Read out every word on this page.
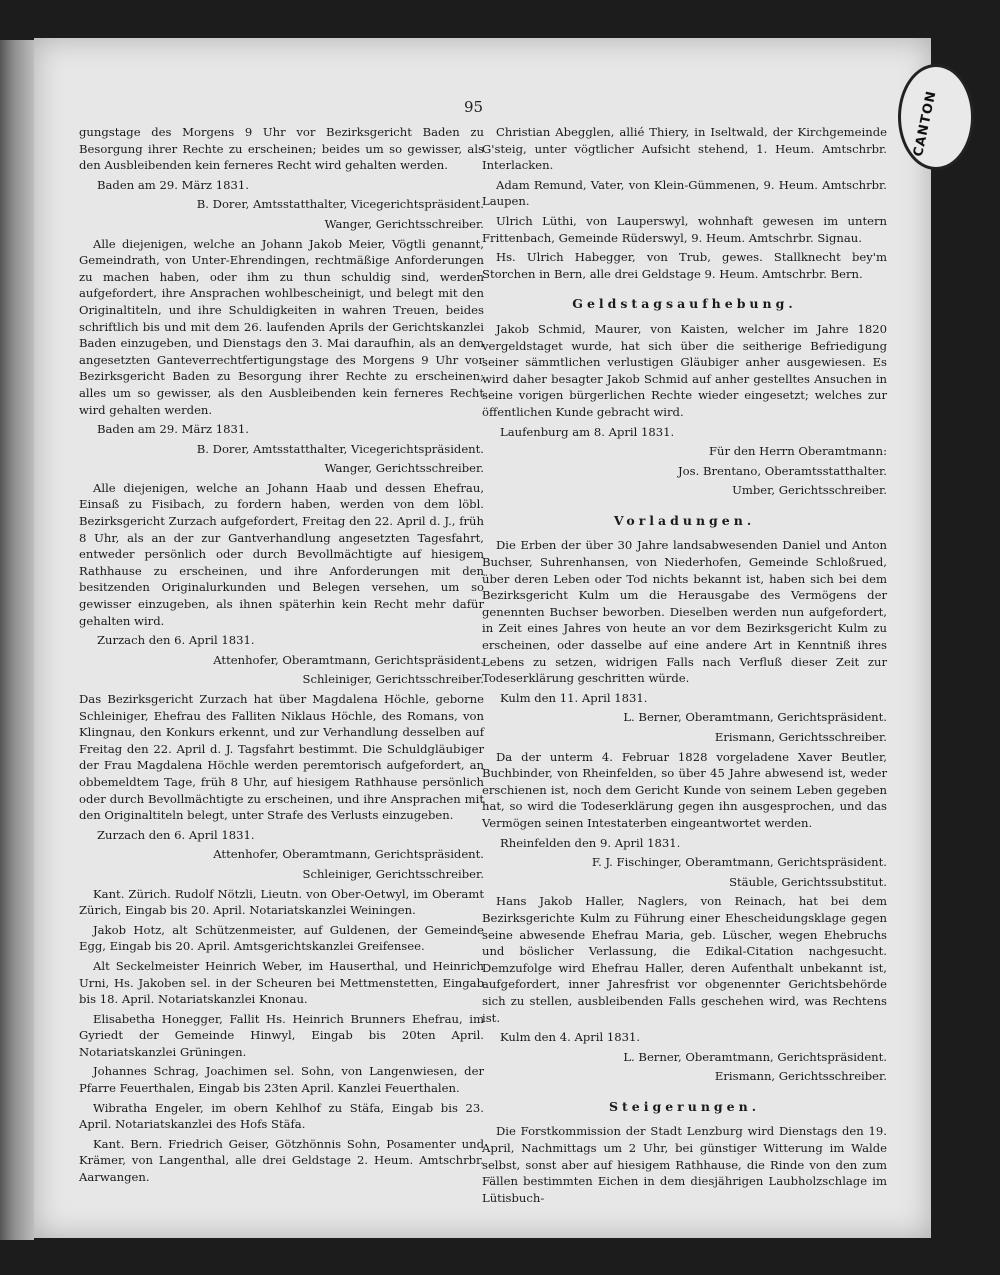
95

gungstage des Morgens 9 Uhr vor Bezirksgericht Baden zu Besorgung ihrer Rechte zu erscheinen; beides um so gewisser, als den Ausbleibenden kein ferneres Recht wird gehalten werden.

Baden am 29. März 1831.

B. Dorer, Amtsstatthalter, Vicegerichtspräsident.

Wanger, Gerichtsschreiber.

Alle diejenigen, welche an Johann Jakob Meier, Vögtli genannt, Gemeindrath, von Unter-Ehrendingen, rechtmäßige Anforderungen zu machen haben, oder ihm zu thun schuldig sind, werden aufgefordert, ihre Ansprachen wohlbescheinigt, und belegt mit den Originaltiteln, und ihre Schuldigkeiten in wahren Treuen, beides schriftlich bis und mit dem 26. laufenden Aprils der Gerichtskanzlei Baden einzugeben, und Dienstags den 3. Mai daraufhin, als an dem angesetzten Ganteverrechtfertigungstage des Morgens 9 Uhr vor Bezirksgericht Baden zu Besorgung ihrer Rechte zu erscheinen; alles um so gewisser, als den Ausbleibenden kein ferneres Recht wird gehalten werden.

Baden am 29. März 1831.

B. Dorer, Amtsstatthalter, Vicegerichtspräsident.

Wanger, Gerichtsschreiber.

Alle diejenigen, welche an Johann Haab und dessen Ehefrau, Einsaß zu Fisibach, zu fordern haben, werden von dem löbl. Bezirksgericht Zurzach aufgefordert, Freitag den 22. April d. J., früh 8 Uhr, als an der zur Gantverhandlung angesetzten Tagesfahrt, entweder persönlich oder durch Bevollmächtigte auf hiesigem Rathhause zu erscheinen, und ihre Anforderungen mit den besitzenden Originalurkunden und Belegen versehen, um so gewisser einzugeben, als ihnen späterhin kein Recht mehr dafür gehalten wird.

Zurzach den 6. April 1831.

Attenhofer, Oberamtmann, Gerichtspräsident.

Schleiniger, Gerichtsschreiber.

Das Bezirksgericht Zurzach hat über Magdalena Höchle, geborne Schleiniger, Ehefrau des Falliten Niklaus Höchle, des Romans, von Klingnau, den Konkurs erkennt, und zur Verhandlung desselben auf Freitag den 22. April d. J. Tagsfahrt bestimmt. Die Schuldgläubiger der Frau Magdalena Höchle werden peremtorisch aufgefordert, an obbemeldtem Tage, früh 8 Uhr, auf hiesigem Rathhause persönlich oder durch Bevollmächtigte zu erscheinen, und ihre Ansprachen mit den Originaltiteln belegt, unter Strafe des Verlusts einzugeben.

Zurzach den 6. April 1831.

Attenhofer, Oberamtmann, Gerichtspräsident.

Schleiniger, Gerichtsschreiber.

Kant. Zürich. Rudolf Nötzli, Lieutn. von Ober-Oetwyl, im Oberamt Zürich, Eingab bis 20. April. Notariatskanzlei Weiningen.

Jakob Hotz, alt Schützenmeister, auf Guldenen, der Gemeinde Egg, Eingab bis 20. April. Amtsgerichtskanzlei Greifensee.

Alt Seckelmeister Heinrich Weber, im Hauserthal, und Heinrich Urni, Hs. Jakoben sel. in der Scheuren bei Mettmenstetten, Eingab bis 18. April. Notariatskanzlei Knonau.

Elisabetha Honegger, Fallit Hs. Heinrich Brunners Ehefrau, im Gyriedt der Gemeinde Hinwyl, Eingab bis 20ten April. Notariatskanzlei Grüningen.

Johannes Schrag, Joachimen sel. Sohn, von Langenwiesen, der Pfarre Feuerthalen, Eingab bis 23ten April. Kanzlei Feuerthalen.

Wibratha Engeler, im obern Kehlhof zu Stäfa, Eingab bis 23. April. Notariatskanzlei des Hofs Stäfa.

Kant. Bern. Friedrich Geiser, Götzhönnis Sohn, Posamenter und Krämer, von Langenthal, alle drei Geldstage 2. Heum. Amtschrbr. Aarwangen.

Christian Abegglen, allié Thiery, in Iseltwald, der Kirchgemeinde G'steig, unter vögtlicher Aufsicht stehend, 1. Heum. Amtschrbr. Interlacken.

Adam Remund, Vater, von Klein-Gümmenen, 9. Heum. Amtschrbr. Laupen.

Ulrich Lüthi, von Lauperswyl, wohnhaft gewesen im untern Frittenbach, Gemeinde Rüderswyl, 9. Heum. Amtschrbr. Signau.

Hs. Ulrich Habegger, von Trub, gewes. Stallknecht bey'm Storchen in Bern, alle drei Geldstage 9. Heum. Amtschrbr. Bern.

Geldstagsaufhebung.

Jakob Schmid, Maurer, von Kaisten, welcher im Jahre 1820 vergeldstaget wurde, hat sich über die seitherige Befriedigung seiner sämmtlichen verlustigen Gläubiger anher ausgewiesen. Es wird daher besagter Jakob Schmid auf anher gestelltes Ansuchen in seine vorigen bürgerlichen Rechte wieder eingesetzt; welches zur öffentlichen Kunde gebracht wird.

Laufenburg am 8. April 1831.

Für den Herrn Oberamtmann:

Jos. Brentano, Oberamtsstatthalter.

Umber, Gerichtsschreiber.

Vorladungen.

Die Erben der über 30 Jahre landsabwesenden Daniel und Anton Buchser, Suhrenhansen, von Niederhofen, Gemeinde Schloßrued, über deren Leben oder Tod nichts bekannt ist, haben sich bei dem Bezirksgericht Kulm um die Herausgabe des Vermögens der genennten Buchser beworben. Dieselben werden nun aufgefordert, in Zeit eines Jahres von heute an vor dem Bezirksgericht Kulm zu erscheinen, oder dasselbe auf eine andere Art in Kenntniß ihres Lebens zu setzen, widrigen Falls nach Verfluß dieser Zeit zur Todeserklärung geschritten würde.

Kulm den 11. April 1831.

L. Berner, Oberamtmann, Gerichtspräsident.

Erismann, Gerichtsschreiber.

Da der unterm 4. Februar 1828 vorgeladene Xaver Beutler, Buchbinder, von Rheinfelden, so über 45 Jahre abwesend ist, weder erschienen ist, noch dem Gericht Kunde von seinem Leben gegeben hat, so wird die Todeserklärung gegen ihn ausgesprochen, und das Vermögen seinen Intestaterben eingeantwortet werden.

Rheinfelden den 9. April 1831.

F. J. Fischinger, Oberamtmann, Gerichtspräsident.

Stäuble, Gerichtssubstitut.

Hans Jakob Haller, Naglers, von Reinach, hat bei dem Bezirksgerichte Kulm zu Führung einer Ehescheidungsklage gegen seine abwesende Ehefrau Maria, geb. Lüscher, wegen Ehebruchs und böslicher Verlassung, die Edikal-Citation nachgesucht. Demzufolge wird Ehefrau Haller, deren Aufenthalt unbekannt ist, aufgefordert, inner Jahresfrist vor obgenennter Gerichtsbehörde sich zu stellen, ausbleibenden Falls geschehen wird, was Rechtens ist.

Kulm den 4. April 1831.

L. Berner, Oberamtmann, Gerichtspräsident.

Erismann, Gerichtsschreiber.

Steigerungen.

Die Forstkommission der Stadt Lenzburg wird Dienstags den 19. April, Nachmittags um 2 Uhr, bei günstiger Witterung im Walde selbst, sonst aber auf hiesigem Rathhause, die Rinde von den zum Fällen bestimmten Eichen in dem diesjährigen Laubholzschlage im Lütisbuch-

CANTON
